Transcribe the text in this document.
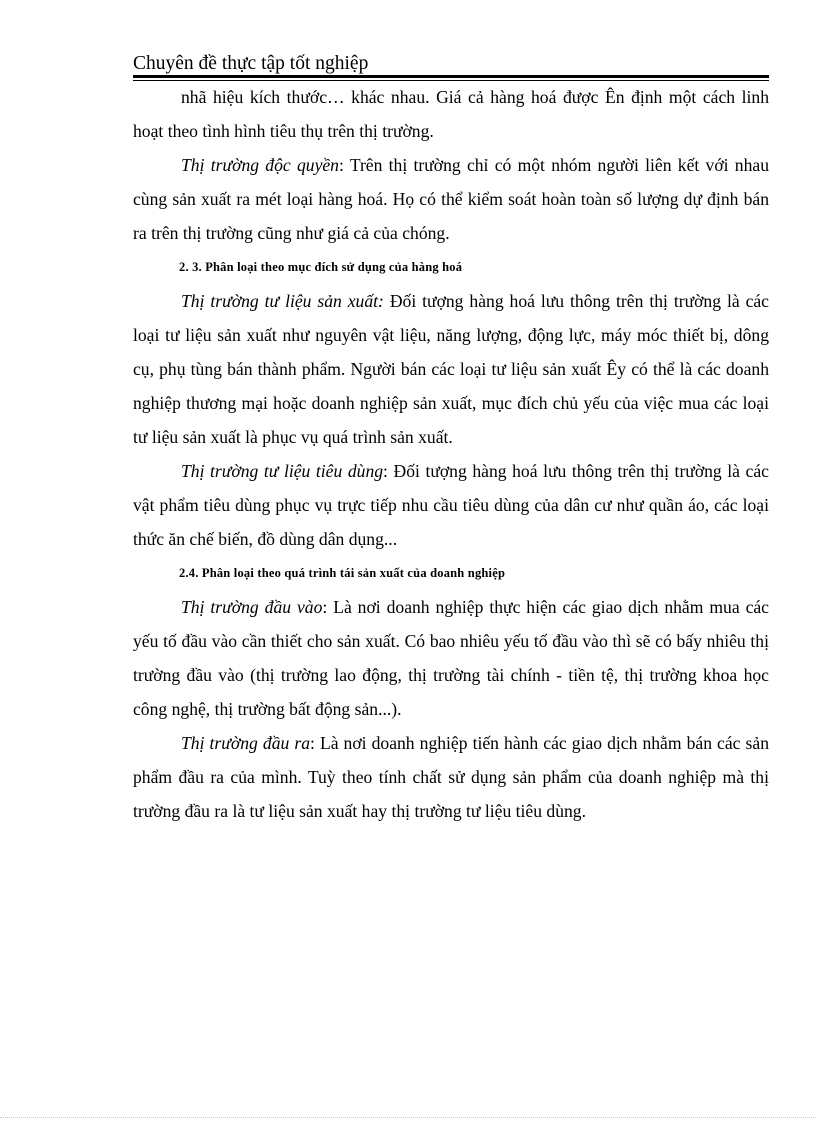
Chuyên đề thực tập tốt nghiệp

nhã hiệu kích thước… khác nhau. Giá cả hàng hoá được Ên định một cách linh hoạt theo tình hình tiêu thụ trên thị trường.

Thị trường độc quyền: Trên thị trường chỉ có một nhóm người liên kết với nhau cùng sản xuất ra mét loại hàng hoá. Họ có thể kiểm soát hoàn toàn số lượng dự định bán ra trên thị trường cũng như giá cả của chóng.

2. 3. Phân loại theo mục đích sử dụng của hàng hoá

Thị trường tư liệu sản xuất: Đối tượng hàng hoá lưu thông trên thị trường là các loại tư liệu sản xuất như nguyên vật liệu, năng lượng, động lực, máy móc thiết bị, dông cụ, phụ tùng bán thành phẩm. Người bán các loại tư liệu sản xuất Êy có thể là các doanh nghiệp thương mại hoặc doanh nghiệp sản xuất, mục đích chủ yếu của việc mua các loại tư liệu sản xuất là phục vụ quá trình sản xuất.

Thị trường tư liệu tiêu dùng: Đối tượng hàng hoá lưu thông trên thị trường là các vật phẩm tiêu dùng phục vụ trực tiếp nhu cầu tiêu dùng của dân cư như quần áo, các loại thức ăn chế biến, đồ dùng dân dụng...

2.4. Phân loại theo quá trình tái sản xuất của doanh nghiệp

Thị trường đầu vào: Là nơi doanh nghiệp thực hiện các giao dịch nhằm mua các yếu tố đầu vào cần thiết cho sản xuất. Có bao nhiêu yếu tố đầu vào thì sẽ có bấy nhiêu thị trường đầu vào (thị trường lao động, thị trường tài chính - tiền tệ, thị trường khoa học công nghệ, thị trường bất động sản...).

Thị trường đầu ra: Là nơi doanh nghiệp tiến hành các giao dịch nhằm bán các sản phẩm đầu ra của mình. Tuỳ theo tính chất sử dụng sản phẩm của doanh nghiệp mà thị trường đầu ra là tư liệu sản xuất hay thị trường tư liệu tiêu dùng.
